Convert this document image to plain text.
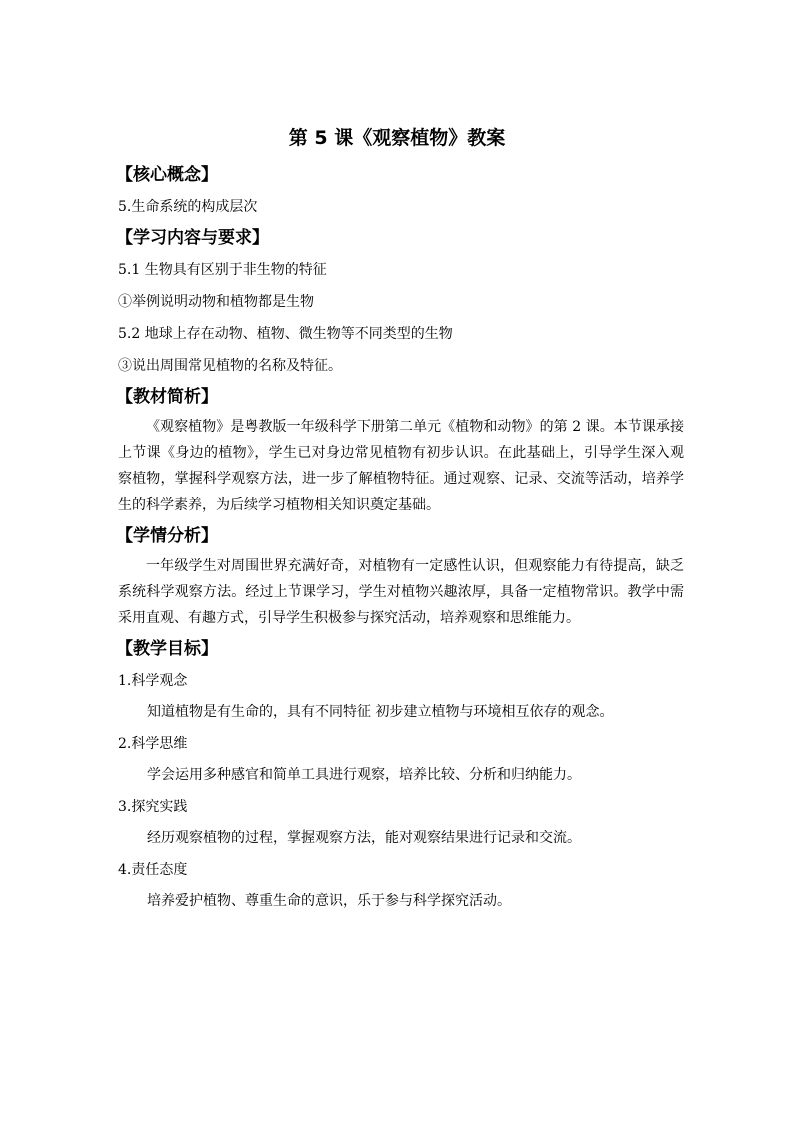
第 5 课《观察植物》教案
【核心概念】
5.生命系统的构成层次
【学习内容与要求】
5.1 生物具有区别于非生物的特征
①举例说明动物和植物都是生物
5.2 地球上存在动物、植物、微生物等不同类型的生物
③说出周围常见植物的名称及特征。
【教材简析】
《观察植物》是粤教版一年级科学下册第二单元《植物和动物》的第 2 课。本节课承接上节课《身边的植物》，学生已对身边常见植物有初步认识。在此基础上，引导学生深入观察植物，掌握科学观察方法，进一步了解植物特征。通过观察、记录、交流等活动，培养学生的科学素养，为后续学习植物相关知识奠定基础。
【学情分析】
一年级学生对周围世界充满好奇，对植物有一定感性认识，但观察能力有待提高，缺乏系统科学观察方法。经过上节课学习，学生对植物兴趣浓厚，具备一定植物常识。教学中需采用直观、有趣方式，引导学生积极参与探究活动，培养观察和思维能力。
【教学目标】
1.科学观念
知道植物是有生命的，具有不同特征 初步建立植物与环境相互依存的观念。
2.科学思维
学会运用多种感官和简单工具进行观察，培养比较、分析和归纳能力。
3.探究实践
经历观察植物的过程，掌握观察方法，能对观察结果进行记录和交流。
4.责任态度
培养爱护植物、尊重生命的意识，乐于参与科学探究活动。
